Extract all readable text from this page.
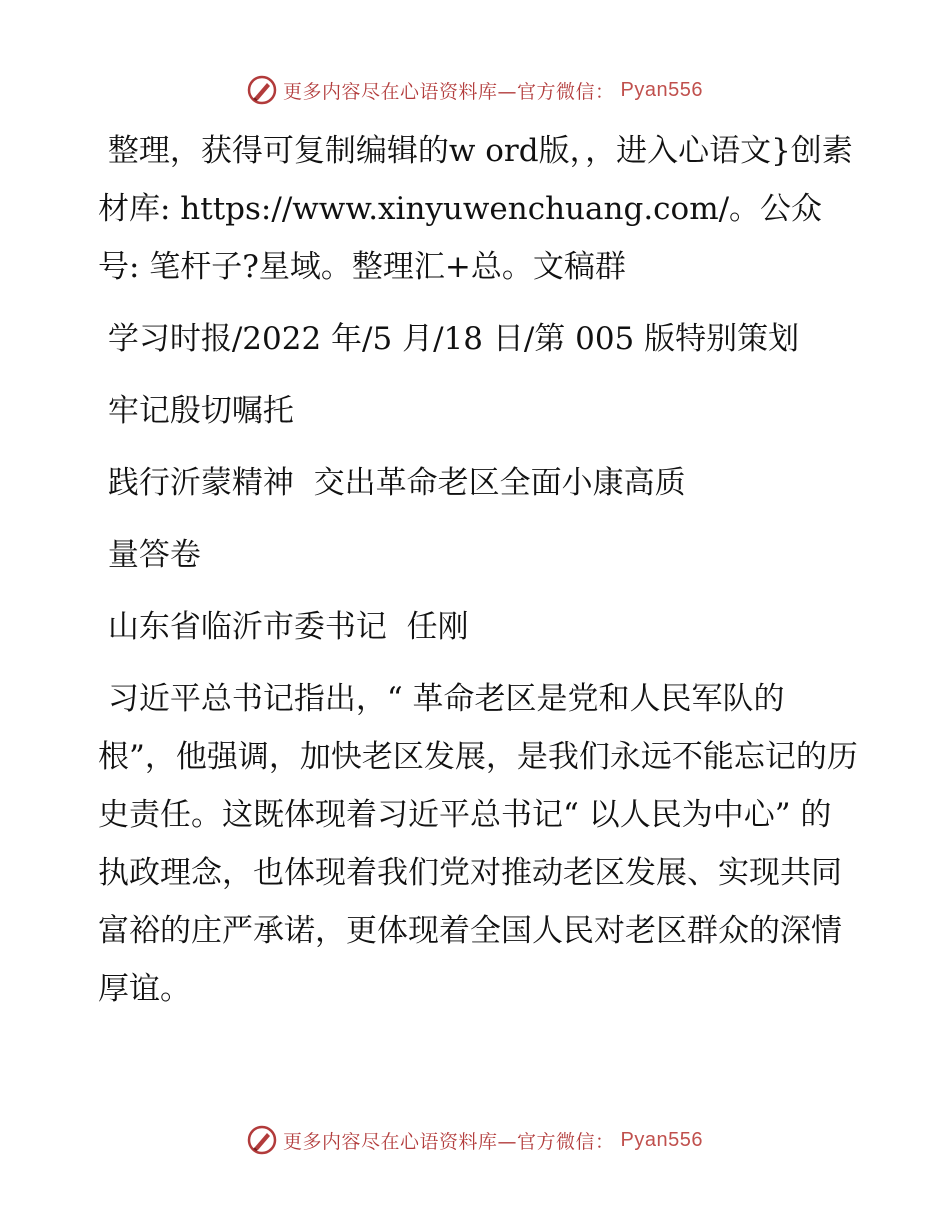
更多内容尽在心语资料库—官方微信： Pyan556

整理，获得可复制编辑的w ord版，，进入心语文}创素材库: https://www.xinyuwenchuang.com/。公众号: 笔杆子?星域。整理汇+总。文稿群

学习时报/2022 年/5 月/18 日/第 005 版特别策划

牢记殷切嘱托

践行沂蒙精神  交出革命老区全面小康高质

量答卷

山东省临沂市委书记  任刚

习近平总书记指出，“ 革命老区是党和人民军队的根”，他强调，加快老区发展，是我们永远不能忘记的历史责任。这既体现着习近平总书记“ 以人民为中心” 的执政理念，也体现着我们党对推动老区发展、实现共同富裕的庄严承诺，更体现着全国人民对老区群众的深情厚谊。

更多内容尽在心语资料库—官方微信： Pyan556
